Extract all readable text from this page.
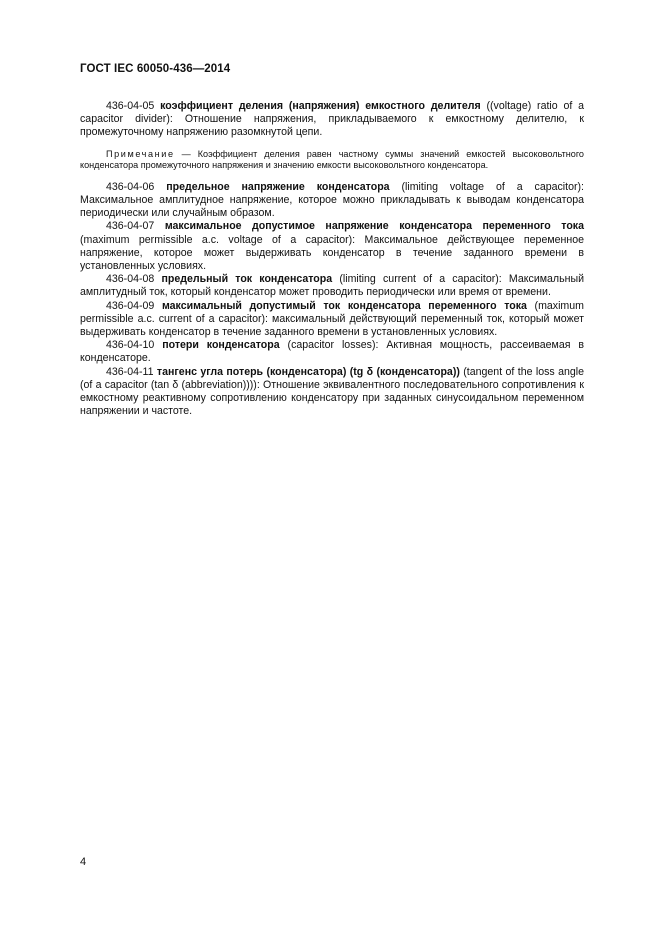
ГОСТ IEC 60050-436—2014

436-04-05 коэффициент деления (напряжения) емкостного делителя ((voltage) ratio of a capacitor divider): Отношение напряжения, прикладываемого к емкостному делителю, к промежуточному напряжению разомкнутой цепи.

Примечание — Коэффициент деления равен частному суммы значений емкостей высоковольтного конденсатора промежуточного напряжения и значению емкости высоковольтного конденсатора.

436-04-06 предельное напряжение конденсатора (limiting voltage of a capacitor): Максимальное амплитудное напряжение, которое можно прикладывать к выводам конденсатора периодически или случайным образом.

436-04-07 максимальное допустимое напряжение конденсатора переменного тока (maximum permissible a.c. voltage of a capacitor): Максимальное действующее переменное напряжение, которое может выдерживать конденсатор в течение заданного времени в установленных условиях.

436-04-08 предельный ток конденсатора (limiting current of a capacitor): Максимальный амплитудный ток, который конденсатор может проводить периодически или время от времени.

436-04-09 максимальный допустимый ток конденсатора переменного тока (maximum permissible a.c. current of a capacitor): максимальный действующий переменный ток, который может выдерживать конденсатор в течение заданного времени в установленных условиях.

436-04-10 потери конденсатора (capacitor losses): Активная мощность, рассеиваемая в конденсаторе.

436-04-11 тангенс угла потерь (конденсатора) (tg δ (конденсатора)) (tangent of the loss angle (of a capacitor (tan δ (abbreviation)))): Отношение эквивалентного последовательного сопротивления к емкостному реактивному сопротивлению конденсатору при заданных синусоидальном переменном напряжении и частоте.

4
